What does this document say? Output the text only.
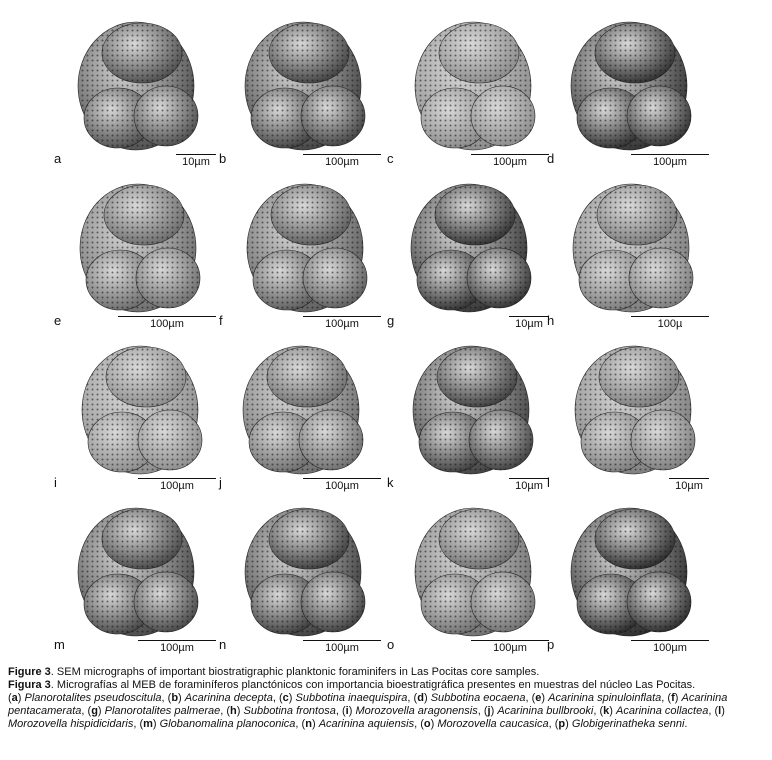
a	10µm b	100µm	c	100µm	d	100µm
e	100µm	f	100µm	g	10µm h	100µ
i	100µm	j	100µm	k	10µm l	10µm
m	100µm	n	100µm	o	100µm	p	100µm

Figure 3. SEM micrographs of important biostratigraphic planktonic foraminifers in Las Pocitas core samples.

Figura 3. Micrografías al MEB de foraminíferos planctónicos con importancia bioestratigráfica presentes en muestras del núcleo Las Pocitas.

(a) Planorotalites pseudoscitula, (b) Acarinina decepta, (c) Subbotina inaequispira, (d) Subbotina eocaena, (e) Acarinina spinuloinflata, (f) Acarinina pentacamerata, (g) Planorotalites palmerae, (h) Subbotina frontosa, (i) Morozovella aragonensis, (j) Acarinina bullbrooki, (k) Acarinina collactea, (l) Morozovella hispidicidaris, (m) Globanomalina planoconica, (n) Acarinina aquiensis, (o) Morozovella caucasica, (p) Globigerinatheka senni.
